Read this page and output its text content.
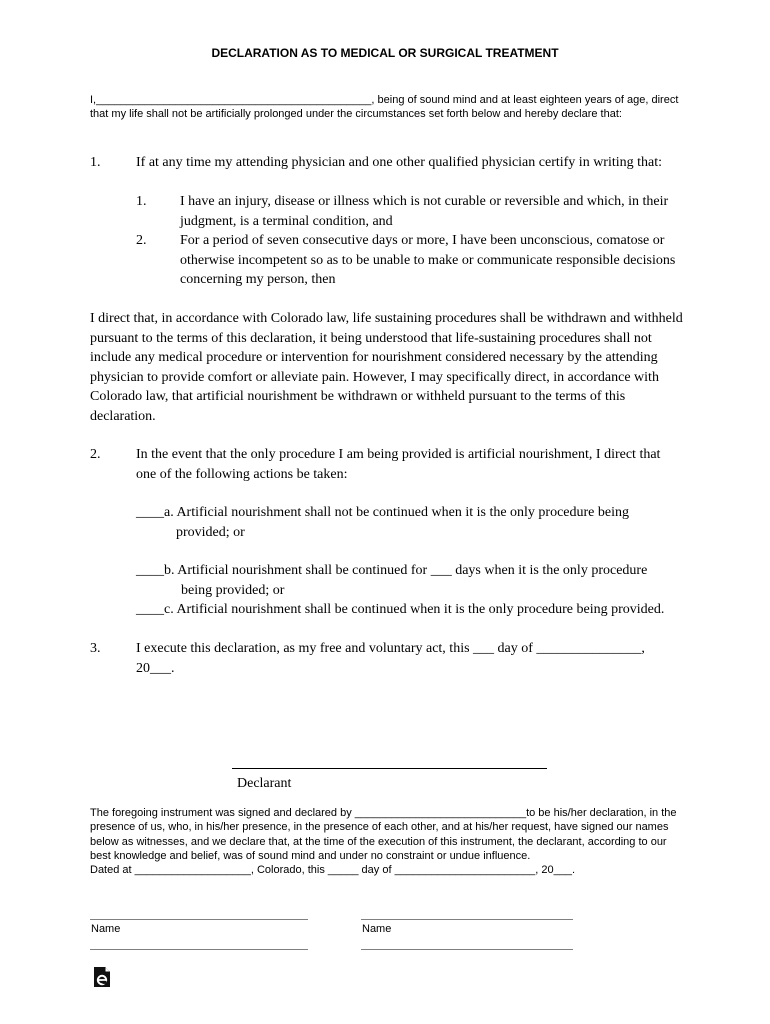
DECLARATION AS TO MEDICAL OR SURGICAL TREATMENT

I,_____________________________________________, being of sound mind and at least eighteen years of age, direct that my life shall not be artificially prolonged under the circumstances set forth below and hereby declare that:

1.	If at any time my attending physician and one other qualified physician certify in writing that:

1. I have an injury, disease or illness which is not curable or reversible and which, in their judgment, is a terminal condition, and

2. For a period of seven consecutive days or more, I have been unconscious, comatose or otherwise incompetent so as to be unable to make or communicate responsible decisions concerning my person, then

I direct that, in accordance with Colorado law, life sustaining procedures shall be withdrawn and withheld pursuant to the terms of this declaration, it being understood that life-sustaining procedures shall not include any medical procedure or intervention for nourishment considered necessary by the attending physician to provide comfort or alleviate pain. However, I may specifically direct, in accordance with Colorado law, that artificial nourishment be withdrawn or withheld pursuant to the terms of this declaration.

2.	In the event that the only procedure I am being provided is artificial nourishment, I direct that one of the following actions be taken:

____a. Artificial nourishment shall not be continued when it is the only procedure being provided; or

____b. Artificial nourishment shall be continued for ___ days when it is the only procedure being provided; or

____c. Artificial nourishment shall be continued when it is the only procedure being provided.

3.	I execute this declaration, as my free and voluntary act, this ___ day of _______________, 20___.

Declarant

The foregoing instrument was signed and declared by ____________________________to be his/her declaration, in the presence of us, who, in his/her presence, in the presence of each other, and at his/her request, have signed our names below as witnesses, and we declare that, at the time of the execution of this instrument, the declarant, according to our best knowledge and belief, was of sound mind and under no constraint or undue influence.
Dated at ___________________, Colorado, this _____ day of _______________________, 20___.

Name	Name
